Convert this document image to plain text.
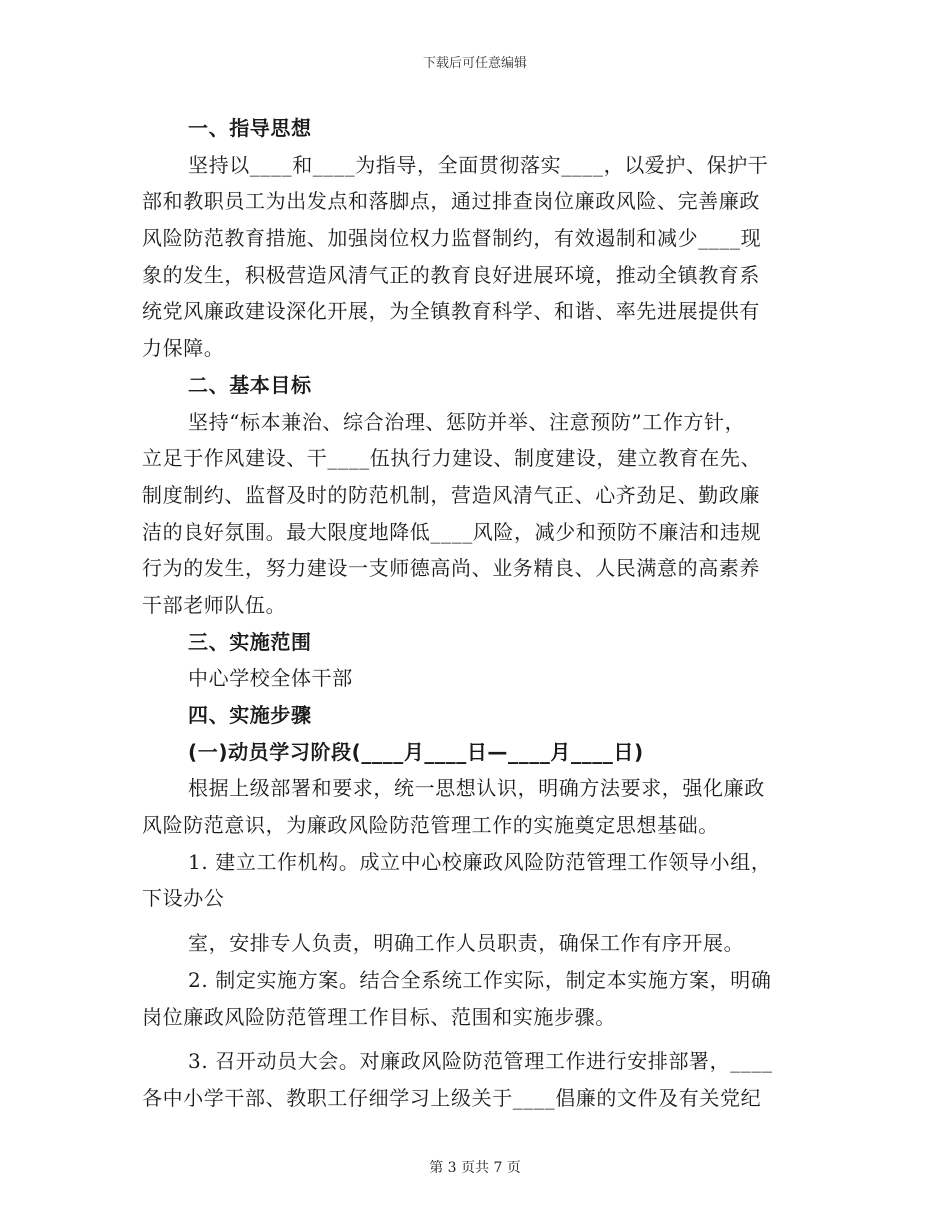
下载后可任意编辑
一、指导思想
坚持以____和____为指导，全面贯彻落实____，以爱护、保护干
部和教职员工为出发点和落脚点，通过排查岗位廉政风险、完善廉政
风险防范教育措施、加强岗位权力监督制约，有效遏制和减少____现
象的发生，积极营造风清气正的教育良好进展环境，推动全镇教育系
统党风廉政建设深化开展，为全镇教育科学、和谐、率先进展提供有
力保障。
二、基本目标
坚持“标本兼治、综合治理、惩防并举、注意预防”工作方针，
立足于作风建设、干____伍执行力建设、制度建设，建立教育在先、
制度制约、监督及时的防范机制，营造风清气正、心齐劲足、勤政廉
洁的良好氛围。最大限度地降低____风险，减少和预防不廉洁和违规
行为的发生，努力建设一支师德高尚、业务精良、人民满意的高素养
干部老师队伍。
三、实施范围
中心学校全体干部
四、实施步骤
(一)动员学习阶段(____月____日—____月____日)
根据上级部署和要求，统一思想认识，明确方法要求，强化廉政
风险防范意识，为廉政风险防范管理工作的实施奠定思想基础。
1. 建立工作机构。成立中心校廉政风险防范管理工作领导小组，
下设办公
室，安排专人负责，明确工作人员职责，确保工作有序开展。
2. 制定实施方案。结合全系统工作实际，制定本实施方案，明确
岗位廉政风险防范管理工作目标、范围和实施步骤。
3. 召开动员大会。对廉政风险防范管理工作进行安排部署，____
各中小学干部、教职工仔细学习上级关于____倡廉的文件及有关党纪
第 3 页共 7 页
